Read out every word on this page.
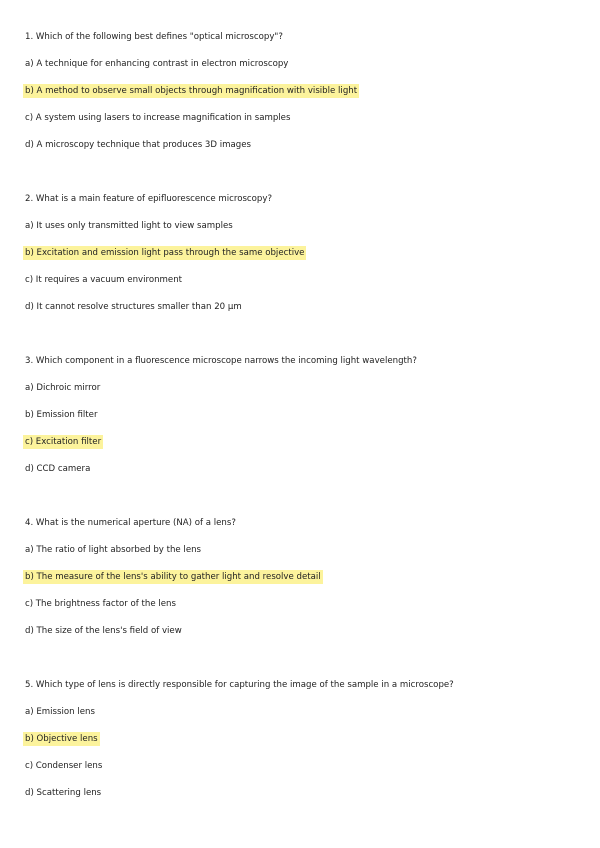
1. Which of the following best defines "optical microscopy"?
a) A technique for enhancing contrast in electron microscopy
b) A method to observe small objects through magnification with visible light
c) A system using lasers to increase magnification in samples
d) A microscopy technique that produces 3D images
2. What is a main feature of epifluorescence microscopy?
a) It uses only transmitted light to view samples
b) Excitation and emission light pass through the same objective
c) It requires a vacuum environment
d) It cannot resolve structures smaller than 20 µm
3. Which component in a fluorescence microscope narrows the incoming light wavelength?
a) Dichroic mirror
b) Emission filter
c) Excitation filter
d) CCD camera
4. What is the numerical aperture (NA) of a lens?
a) The ratio of light absorbed by the lens
b) The measure of the lens's ability to gather light and resolve detail
c) The brightness factor of the lens
d) The size of the lens's field of view
5. Which type of lens is directly responsible for capturing the image of the sample in a microscope?
a) Emission lens
b) Objective lens
c) Condenser lens
d) Scattering lens
